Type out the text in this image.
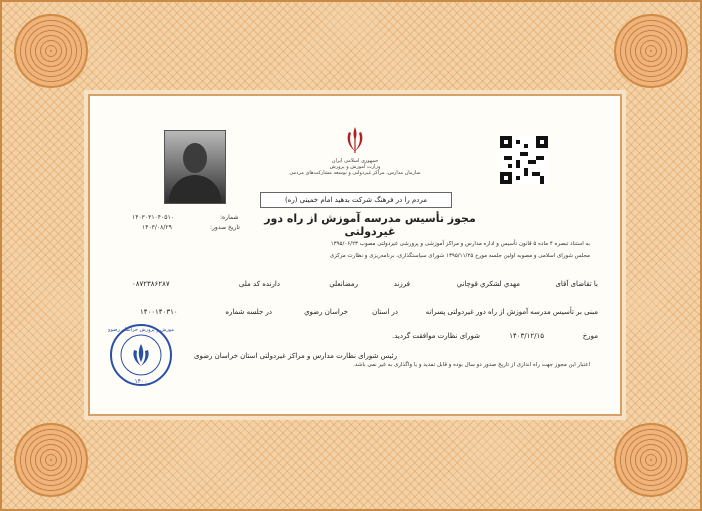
جمهوری اسلامی ایران
وزارت آموزش و پرورش
سازمان مدارس، مراکز غیردولتی و توسعه مشارکت‌های مردمی
مردم را در فرهنگ شرکت بدهید امام خمینی (ره)
شماره:
۱۴۰۳۰۳۱۰۴۰۵۱۰
تاریخ صدور:
۱۴۰۳/۰۸/۲۹
مجوز تأسیس مدرسه آموزش از راه دور غیردولتی
به استناد تبصره ۴ ماده ۵ قانون تأسیس و اداره مدارس و مراکز آموزشی و پرورشی غیردولتی مصوب ۱۳۹۵/۰۶/۲۳
مجلس شورای اسلامی و مصوبه اولین جلسه مورخ ۱۳۹۵/۱۱/۲۵ شورای سیاستگذاری، برنامه‌ریزی و نظارت مرکزی
با تقاضای آقای
مهدي لشكري قوچاني
فرزند
رمضانعلي
دارنده کد ملی
۰۸۷۲۳۸۶۲۸۷
مبنی بر تأسیس مدرسه آموزش از راه دور غیردولتی پسرانه
در استان
خراسان رضوي
در جلسه شماره
۱۴۰۰۱۴۰۳۱۰
مورخ
۱۴۰۳/۱۲/۱۵
شورای نظارت موافقت گردید.
رئیس شورای نظارت مدارس و مراکز غیردولتی استان خراسان رضوی
اعتبار این مجوز جهت راه اندازی از تاریخ صدور دو سال بوده و قابل تمدید و یا واگذاری به غیر نمی باشد.
آموزش و پرورش خراسان رضوی
۱۴۰۰
